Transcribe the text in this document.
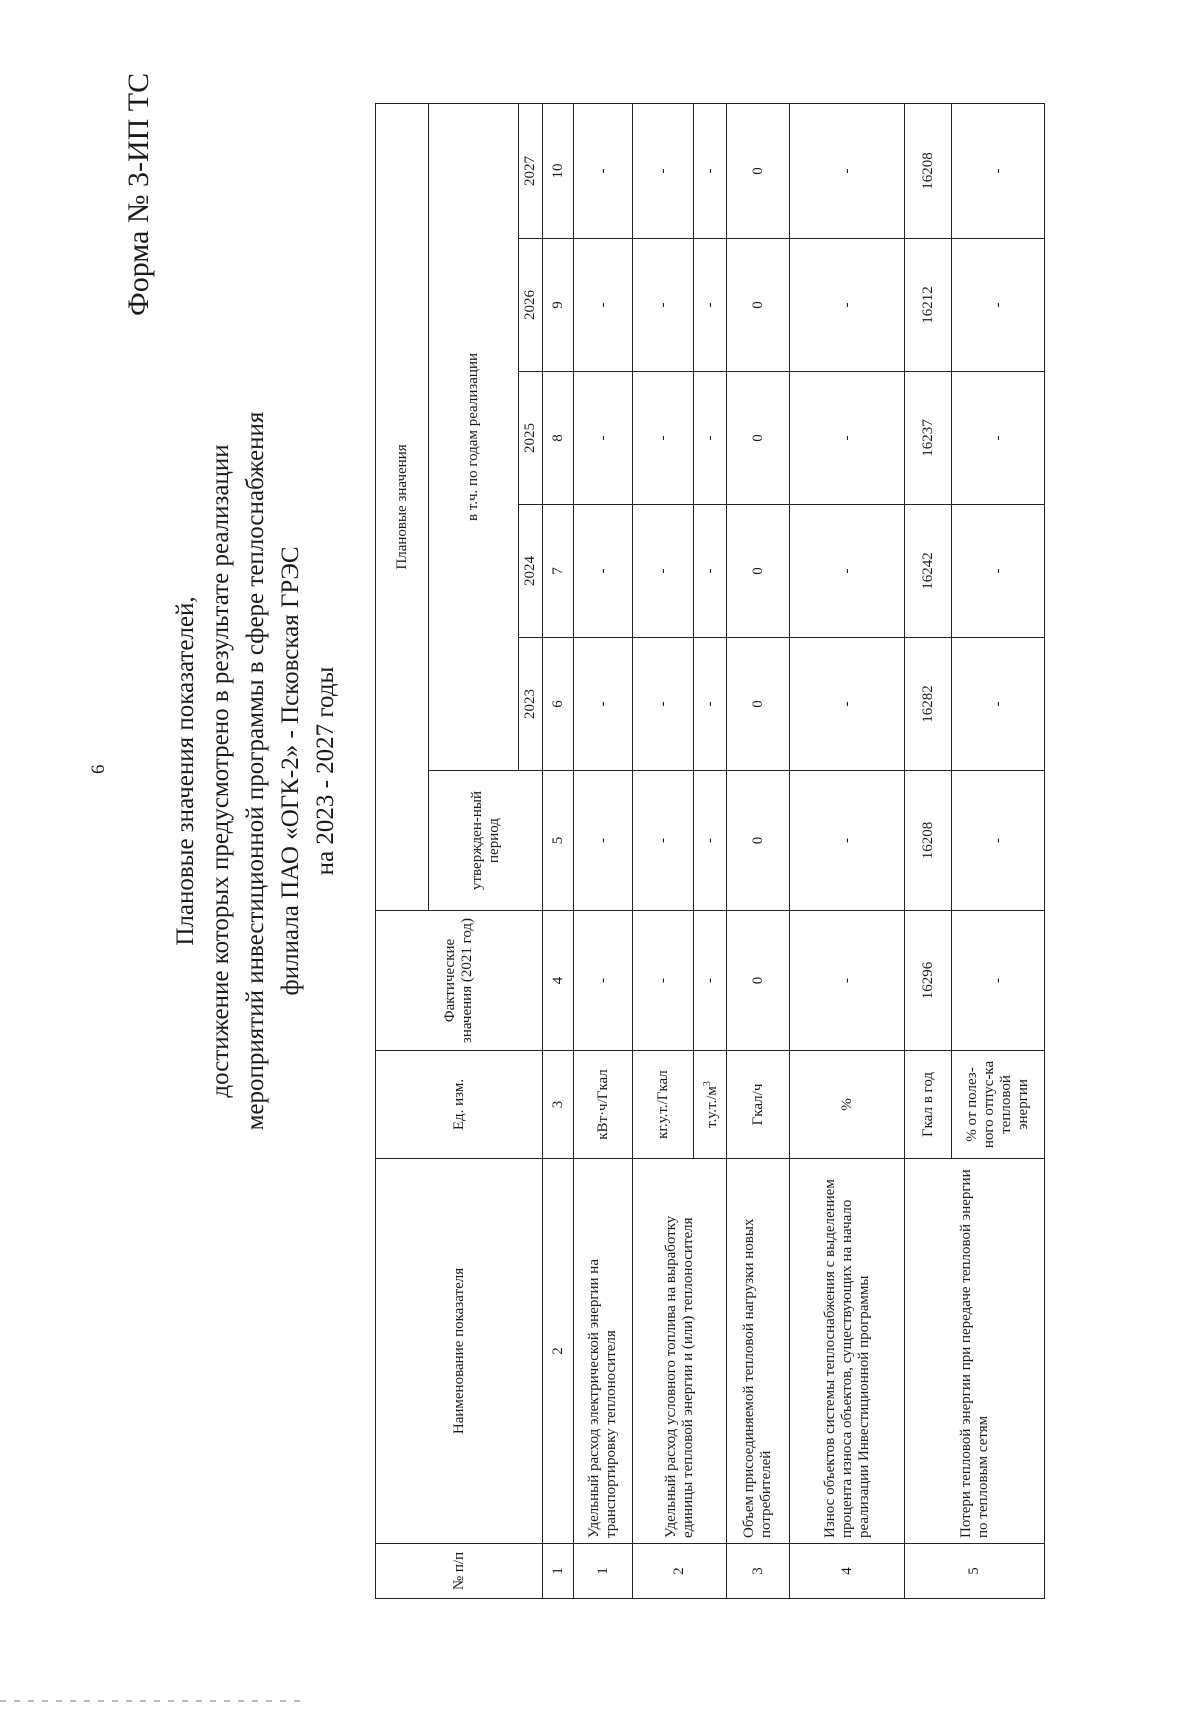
6
Форма № 3-ИП ТС
Плановые значения показателей, достижение которых предусмотрено в результате реализации мероприятий инвестиционной программы в сфере теплоснабжения филиала ПАО «ОГК-2» - Псковская ГРЭС на 2023 - 2027 годы
№ п/п	Наименование показателя	Ед. изм.	Фактические значения (2021 год)	Плановые значения					
				утвержден-ный период	в т.ч. по годам реализации				
					2023	2024	2025	2026	2027
1	2	3	4	5	6	7	8	9	10
1	Удельный расход электрической энергии на транспортировку теплоносителя	кВт·ч/Гкал	-	-	-	-	-	-	-
2	Удельный расход условного топлива на выработку единицы тепловой энергии и (или) теплоносителя	кг.у.т./Гкал	-	-	-	-	-	-	-
		$т.у.т./м^3$	-	-	-	-	-	-	-
3	Объем присоединяемой тепловой нагрузки новых потребителей	Гкал/ч	0	0	0	0	0	0	0
4	Износ объектов системы теплоснабжения с выделением процента износа объектов, существующих на начало реализации Инвестиционной программы	%	-	-	-	-	-	-	-
5	Потери тепловой энергии при передаче тепловой энергии по тепловым сетям	Гкал в год	16296	16208	16282	16242	16237	16212	16208
		% от полез-ного отпус-ка тепловой энергии	-	-	-	-	-	-	-
